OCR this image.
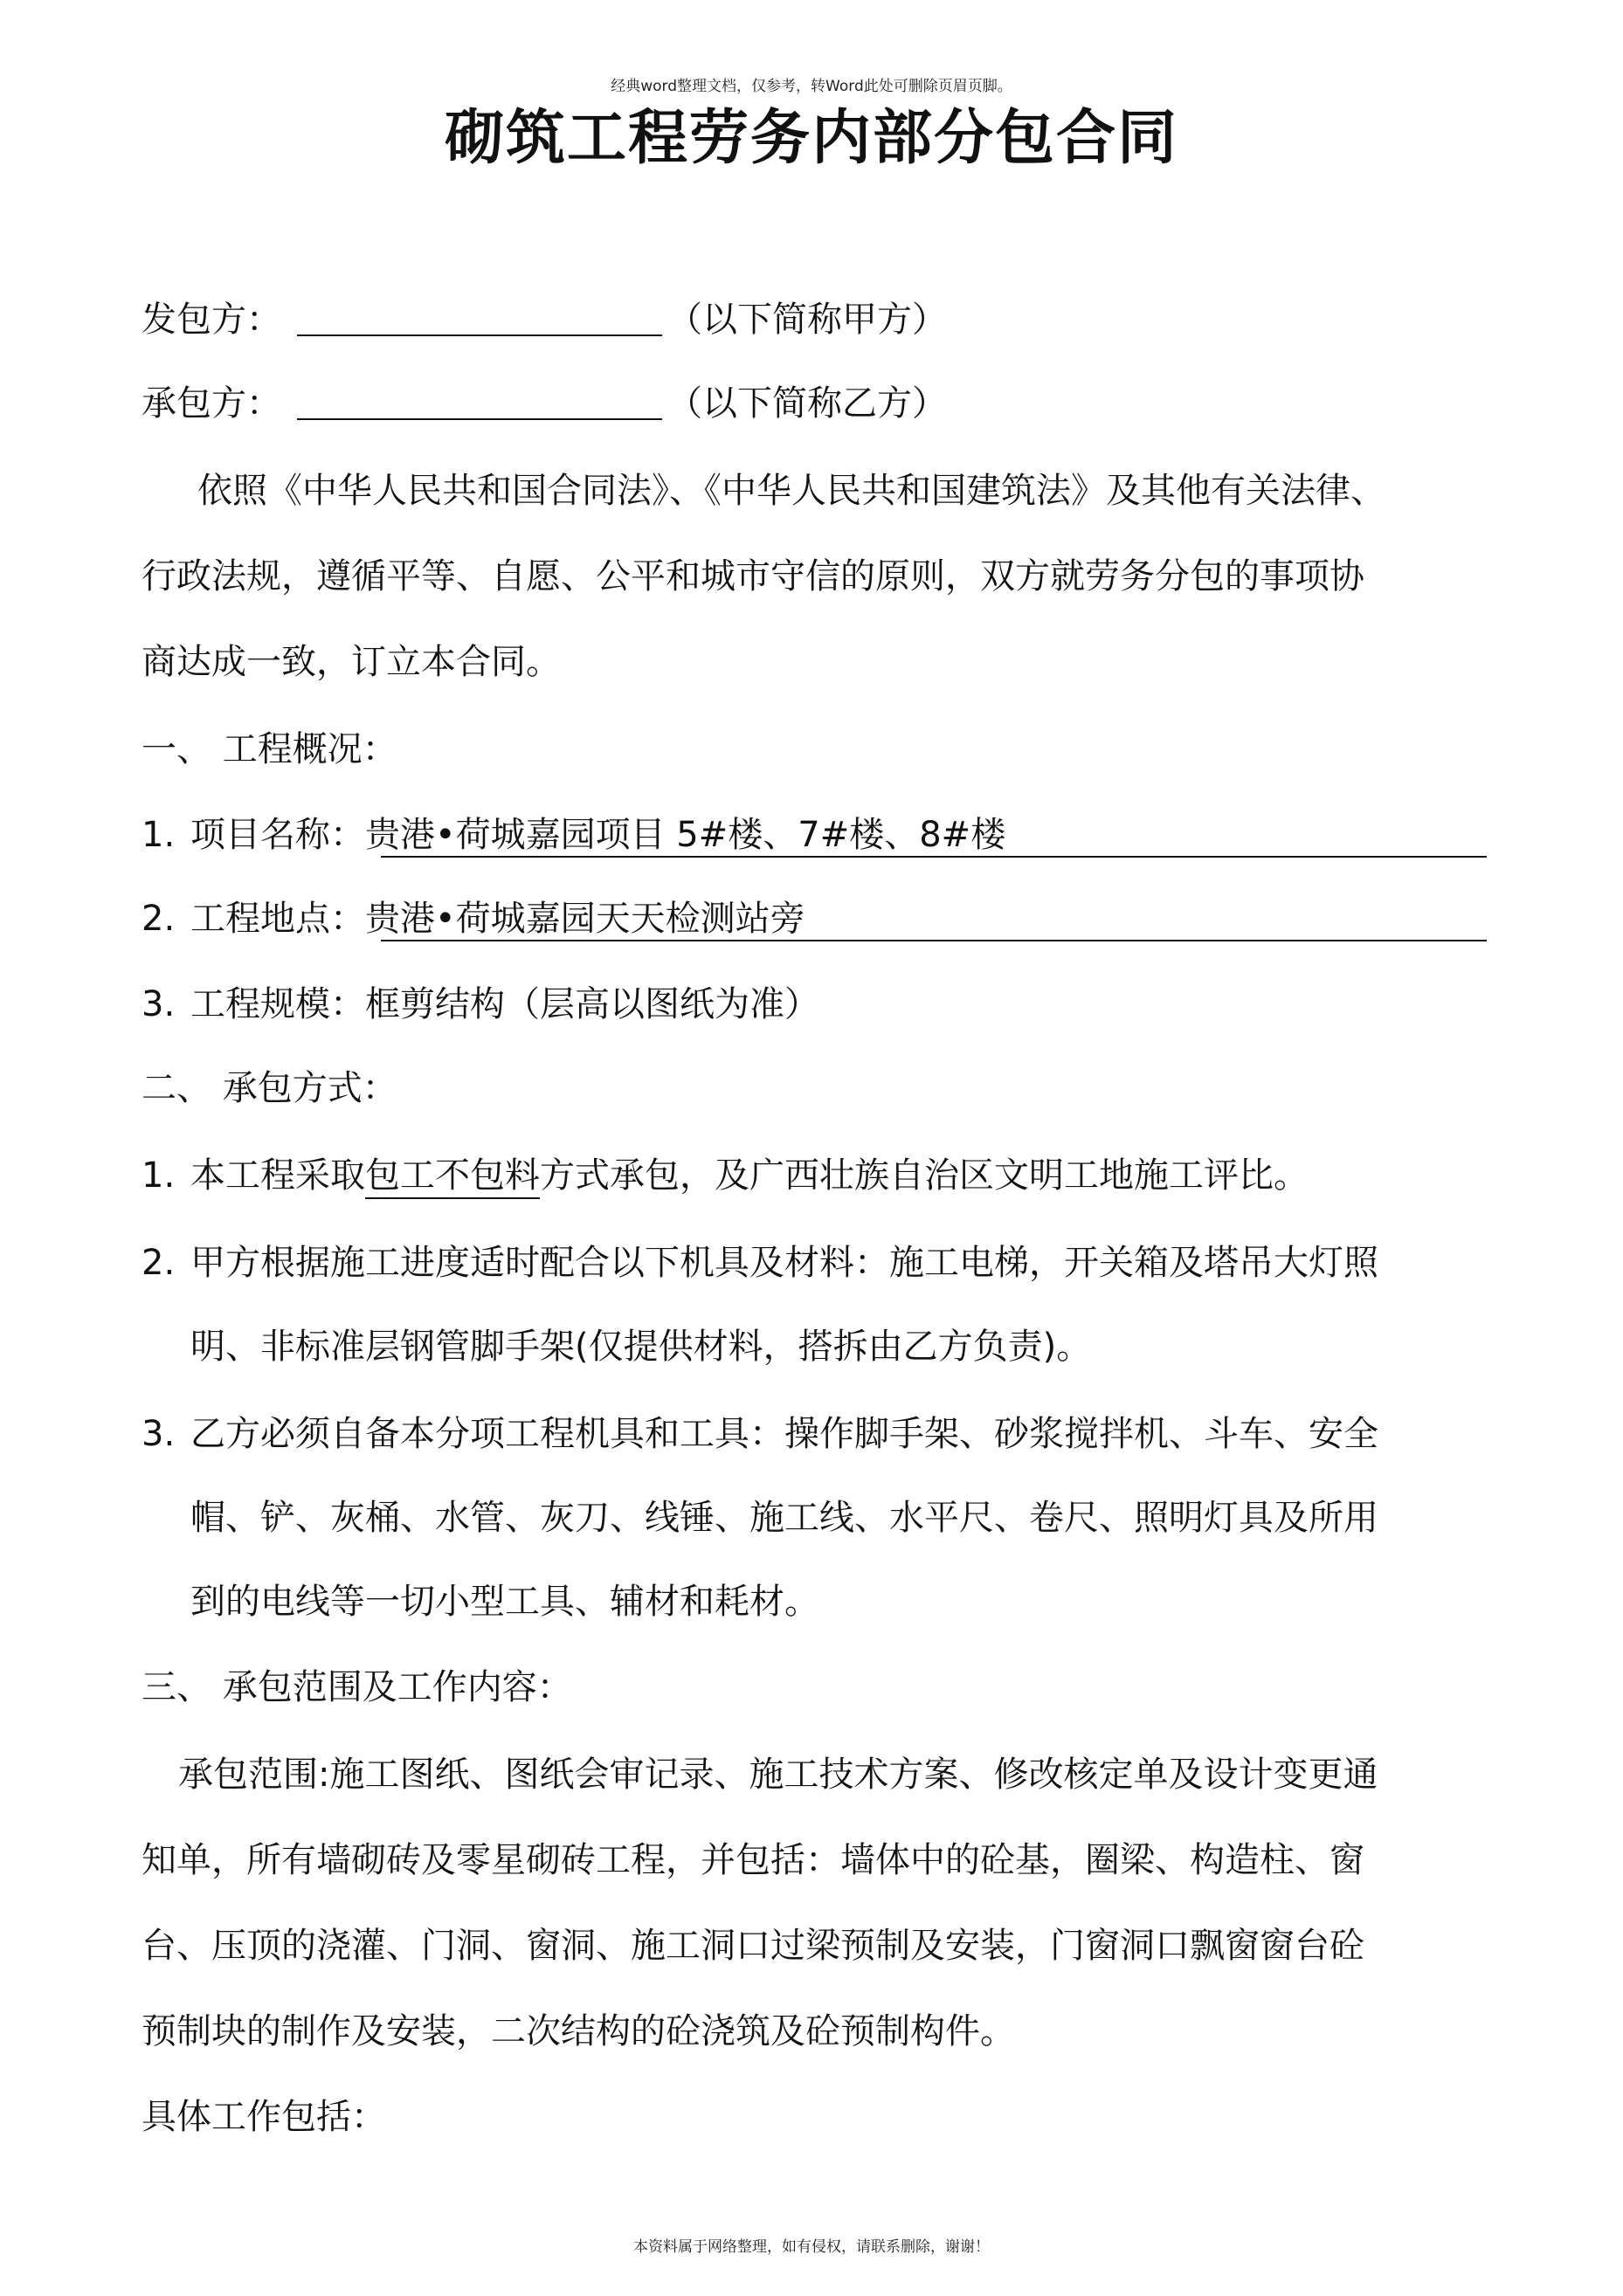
经典word整理文档，仅参考，转Word此处可删除页眉页脚。
砌筑工程劳务内部分包合同
发包方：	（以下简称甲方）
承包方：	（以下简称乙方）
依照《中华人民共和国合同法》、《中华人民共和国建筑法》及其他有关法律、
行政法规，遵循平等、自愿、公平和城市守信的原则，双方就劳务分包的事项协
商达成一致，订立本合同。
一、 工程概况：
1. 项目名称：贵港•荷城嘉园项目 5#楼、7#楼、8#楼
2. 工程地点：贵港•荷城嘉园天天检测站旁
3. 工程规模：框剪结构（层高以图纸为准）
二、 承包方式：
1. 本工程采取包工不包料方式承包，及广西壮族自治区文明工地施工评比。
2. 甲方根据施工进度适时配合以下机具及材料：施工电梯，开关箱及塔吊大灯照
明、非标准层钢管脚手架(仅提供材料，搭拆由乙方负责)。
3. 乙方必须自备本分项工程机具和工具：操作脚手架、砂浆搅拌机、斗车、安全
帽、铲、灰桶、水管、灰刀、线锤、施工线、水平尺、卷尺、照明灯具及所用
到的电线等一切小型工具、辅材和耗材。
三、 承包范围及工作内容：
承包范围:施工图纸、图纸会审记录、施工技术方案、修改核定单及设计变更通
知单，所有墙砌砖及零星砌砖工程，并包括：墙体中的砼基，圈梁、构造柱、窗
台、压顶的浇灌、门洞、窗洞、施工洞口过梁预制及安装，门窗洞口飘窗窗台砼
预制块的制作及安装，二次结构的砼浇筑及砼预制构件。
具体工作包括：
本资料属于网络整理，如有侵权，请联系删除，谢谢！
